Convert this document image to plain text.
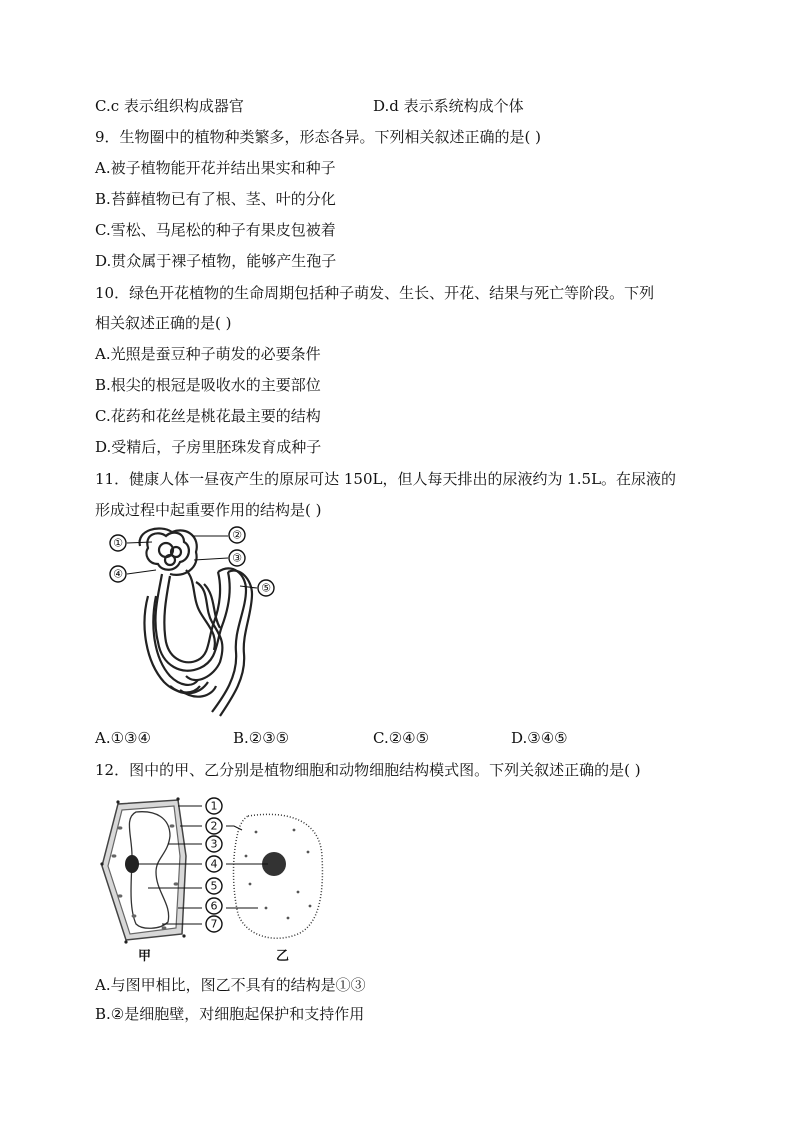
C.c 表示组织构成器官	D.d 表示系统构成个体
9．生物圈中的植物种类繁多，形态各异。下列相关叙述正确的是( )
A.被子植物能开花并结出果实和种子
B.苔藓植物已有了根、茎、叶的分化
C.雪松、马尾松的种子有果皮包被着
D.贯众属于裸子植物，能够产生孢子
10．绿色开花植物的生命周期包括种子萌发、生长、开花、结果与死亡等阶段。下列
相关叙述正确的是( )
A.光照是蚕豆种子萌发的必要条件
B.根尖的根冠是吸收水的主要部位
C.花药和花丝是桃花最主要的结构
D.受精后，子房里胚珠发育成种子
11．健康人体一昼夜产生的原尿可达 150L，但人每天排出的尿液约为 1.5L。在尿液的
形成过程中起重要作用的结构是( )
①
②
③
④
⑤
A.①③④	B.②③⑤	C.②④⑤	D.③④⑤
12．图中的甲、乙分别是植物细胞和动物细胞结构模式图。下列关叙述正确的是( )
1
2
3
4
5
6
7
甲	乙
A.与图甲相比，图乙不具有的结构是①③
B.②是细胞壁，对细胞起保护和支持作用
